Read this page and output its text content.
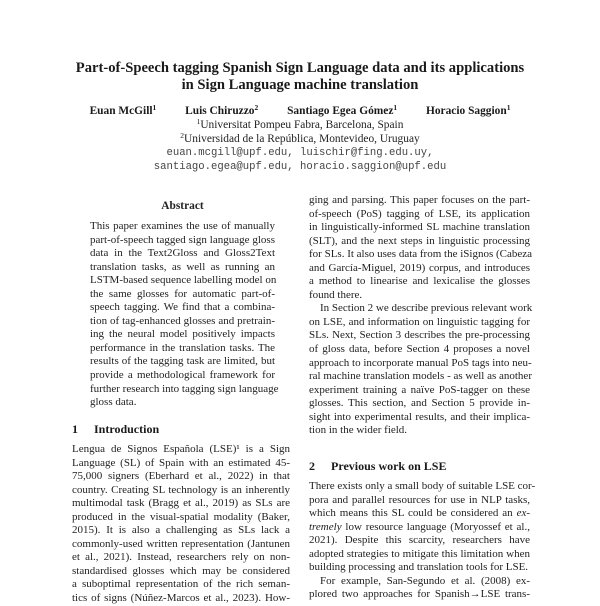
Part-of-Speech tagging Spanish Sign Language data and its applications
in Sign Language machine translation
Euan McGill$^1$	Luis Chiruzzo$^2$	Santiago Egea Gómez$^1$	Horacio Saggion$^1$
$^1$Universitat Pompeu Fabra, Barcelona, Spain
$^2$Universidad de la República, Montevideo, Uruguay
euan.mcgill@upf.edu, luischir@fing.edu.uy,
santiago.egea@upf.edu, horacio.saggion@upf.edu
Abstract
This paper examines the use of manually
part-of-speech tagged sign language gloss
data in the Text2Gloss and Gloss2Text
translation tasks, as well as running an
LSTM-based sequence labelling model on
the same glosses for automatic part-of-
speech tagging. We find that a combina-
tion of tag-enhanced glosses and pretrain-
ing the neural model positively impacts
performance in the translation tasks. The
results of the tagging task are limited, but
provide a methodological framework for
further research into tagging sign language
gloss data.
1 Introduction
Lengua de Signos Española (LSE)¹ is a Sign
Language (SL) of Spain with an estimated 45-
75,000 signers (Eberhard et al., 2022) in that
country. Creating SL technology is an inherently
multimodal task (Bragg et al., 2019) as SLs are
produced in the visual-spatial modality (Baker,
2015). It is also a challenging as SLs lack a
commonly-used written representation (Jantunen
et al., 2021). Instead, researchers rely on non-
standardised glosses which may be considered
a suboptimal representation of the rich seman-
tics of signs (Núñez-Marcos et al., 2023). How-
ging and parsing. This paper focuses on the part-
of-speech (PoS) tagging of LSE, its application
in linguistically-informed SL machine translation
(SLT), and the next steps in linguistic processing
for SLs. It also uses data from the iSignos (Cabeza
and García-Miguel, 2019) corpus, and introduces
a method to linearise and lexicalise the glosses
found there.
In Section 2 we describe previous relevant work
on LSE, and information on linguistic tagging for
SLs. Next, Section 3 describes the pre-processing
of gloss data, before Section 4 proposes a novel
approach to incorporate manual PoS tags into neu-
ral machine translation models - as well as another
experiment training a naïve PoS-tagger on these
glosses. This section, and Section 5 provide in-
sight into experimental results, and their implica-
tion in the wider field.
2 Previous work on LSE
There exists only a small body of suitable LSE cor-
pora and parallel resources for use in NLP tasks,
which means this SL could be considered an ex-
tremely low resource language (Moryossef et al.,
2021). Despite this scarcity, researchers have
adopted strategies to mitigate this limitation when
building processing and translation tools for LSE.
For example, San-Segundo et al. (2008) ex-
plored two approaches for Spanish→LSE trans-
